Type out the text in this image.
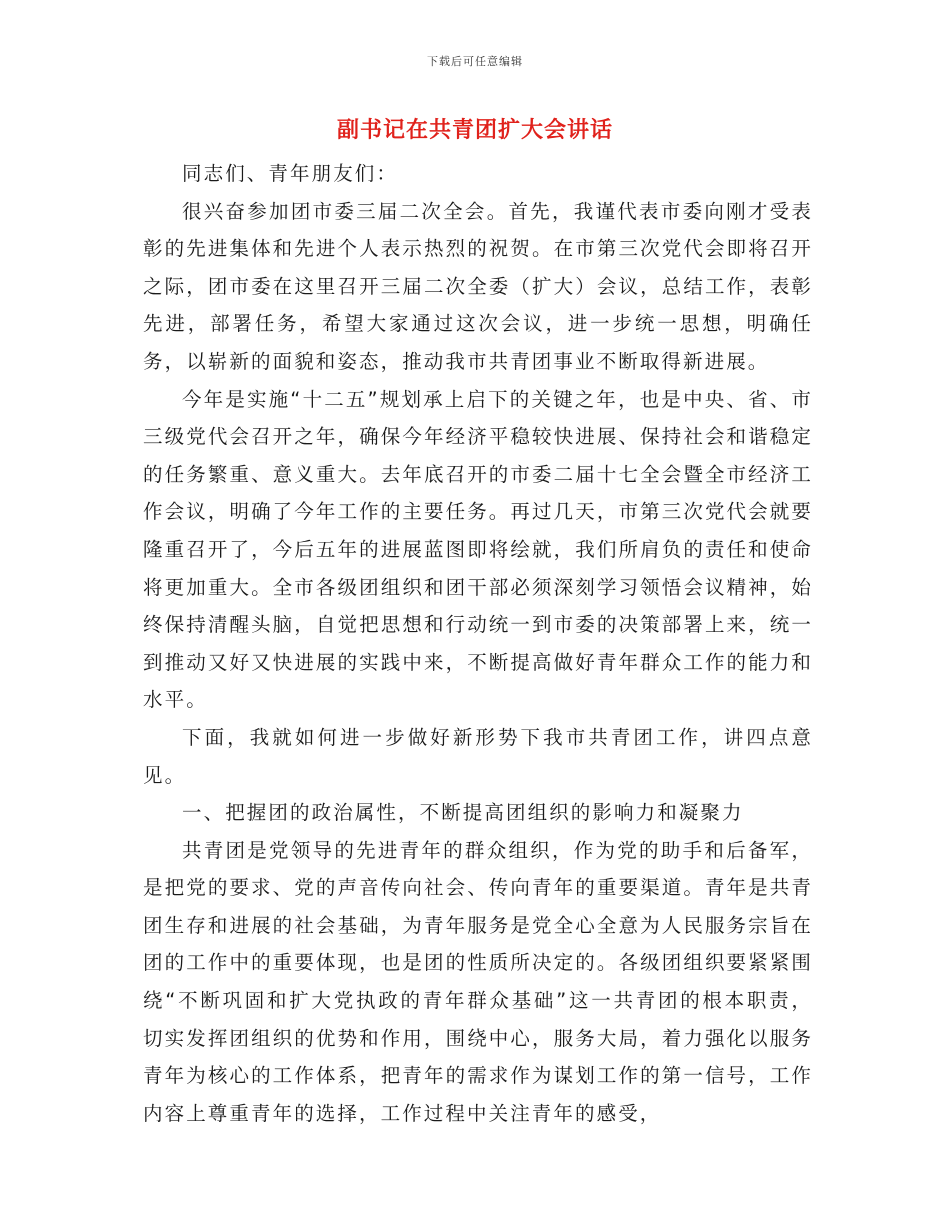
下载后可任意编辑
副书记在共青团扩大会讲话

同志们、青年朋友们：

很兴奋参加团市委三届二次全会。首先，我谨代表市委向刚才受表彰的先进集体和先进个人表示热烈的祝贺。在市第三次党代会即将召开之际，团市委在这里召开三届二次全委（扩大）会议，总结工作，表彰先进，部署任务，希望大家通过这次会议，进一步统一思想，明确任务，以崭新的面貌和姿态，推动我市共青团事业不断取得新进展。

今年是实施“十二五”规划承上启下的关键之年，也是中央、省、市三级党代会召开之年，确保今年经济平稳较快进展、保持社会和谐稳定的任务繁重、意义重大。去年底召开的市委二届十七全会暨全市经济工作会议，明确了今年工作的主要任务。再过几天，市第三次党代会就要隆重召开了，今后五年的进展蓝图即将绘就，我们所肩负的责任和使命将更加重大。全市各级团组织和团干部必须深刻学习领悟会议精神，始终保持清醒头脑，自觉把思想和行动统一到市委的决策部署上来，统一到推动又好又快进展的实践中来，不断提高做好青年群众工作的能力和水平。

下面，我就如何进一步做好新形势下我市共青团工作，讲四点意见。

一、把握团的政治属性，不断提高团组织的影响力和凝聚力

共青团是党领导的先进青年的群众组织，作为党的助手和后备军，是把党的要求、党的声音传向社会、传向青年的重要渠道。青年是共青团生存和进展的社会基础，为青年服务是党全心全意为人民服务宗旨在团的工作中的重要体现，也是团的性质所决定的。各级团组织要紧紧围绕“不断巩固和扩大党执政的青年群众基础”这一共青团的根本职责，切实发挥团组织的优势和作用，围绕中心，服务大局，着力强化以服务青年为核心的工作体系，把青年的需求作为谋划工作的第一信号，工作内容上尊重青年的选择，工作过程中关注青年的感受，
